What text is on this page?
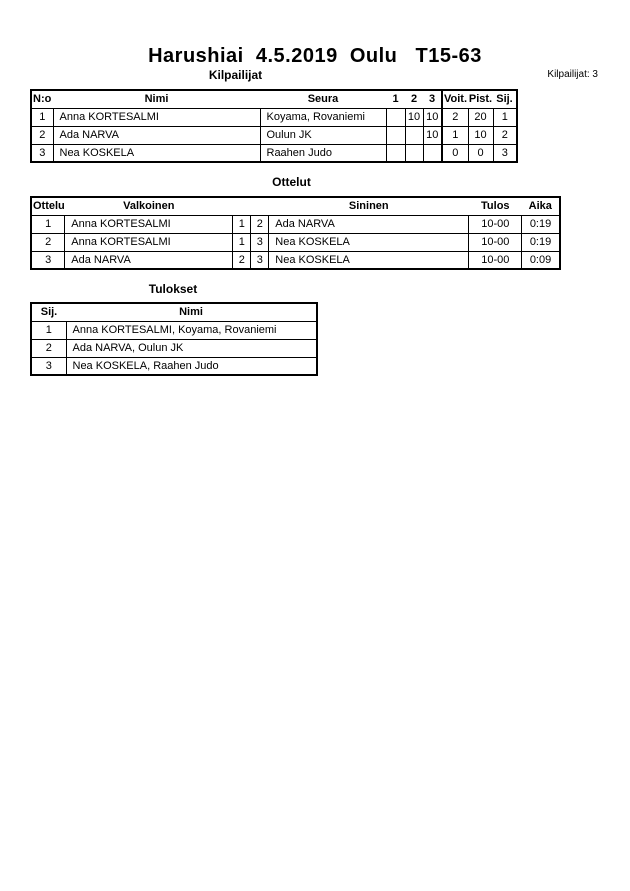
Harushiai  4.5.2019  Oulu   T15-63
Kilpailijat	Kilpailijat: 3
N:o	Nimi	Seura	1	2	3	Voit.	Pist.	Sij.
1	Anna KORTESALMI	Koyama, Rovaniemi		10	10	2	20	1
2	Ada NARVA	Oulun JK			10	1	10	2
3	Nea KOSKELA	Raahen Judo				0	0	3
Ottelut
Ottelu	Valkoinen			Sininen	Tulos	Aika
1	Anna KORTESALMI	1	2	Ada NARVA	10-00	0:19
2	Anna KORTESALMI	1	3	Nea KOSKELA	10-00	0:19
3	Ada NARVA	2	3	Nea KOSKELA	10-00	0:09
Tulokset
Sij.	Nimi
1	Anna KORTESALMI, Koyama, Rovaniemi
2	Ada NARVA, Oulun JK
3	Nea KOSKELA, Raahen Judo
